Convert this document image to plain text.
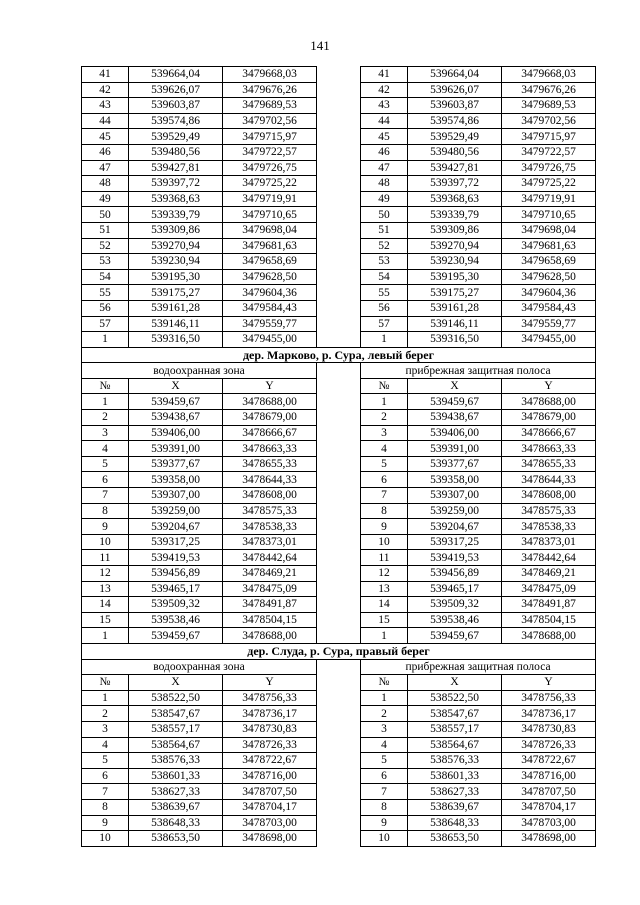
141
41	539664,04	3479668,03		41	539664,04	3479668,03
42	539626,07	3479676,26		42	539626,07	3479676,26
43	539603,87	3479689,53		43	539603,87	3479689,53
44	539574,86	3479702,56		44	539574,86	3479702,56
45	539529,49	3479715,97		45	539529,49	3479715,97
46	539480,56	3479722,57		46	539480,56	3479722,57
47	539427,81	3479726,75		47	539427,81	3479726,75
48	539397,72	3479725,22		48	539397,72	3479725,22
49	539368,63	3479719,91		49	539368,63	3479719,91
50	539339,79	3479710,65		50	539339,79	3479710,65
51	539309,86	3479698,04		51	539309,86	3479698,04
52	539270,94	3479681,63		52	539270,94	3479681,63
53	539230,94	3479658,69		53	539230,94	3479658,69
54	539195,30	3479628,50		54	539195,30	3479628,50
55	539175,27	3479604,36		55	539175,27	3479604,36
56	539161,28	3479584,43		56	539161,28	3479584,43
57	539146,11	3479559,77		57	539146,11	3479559,77
1	539316,50	3479455,00		1	539316,50	3479455,00
дер. Марково, р. Сура, левый берег						
водоохранная зона				прибрежная защитная полоса		
№	X	Y		№	X	Y
1	539459,67	3478688,00		1	539459,67	3478688,00
2	539438,67	3478679,00		2	539438,67	3478679,00
3	539406,00	3478666,67		3	539406,00	3478666,67
4	539391,00	3478663,33		4	539391,00	3478663,33
5	539377,67	3478655,33		5	539377,67	3478655,33
6	539358,00	3478644,33		6	539358,00	3478644,33
7	539307,00	3478608,00		7	539307,00	3478608,00
8	539259,00	3478575,33		8	539259,00	3478575,33
9	539204,67	3478538,33		9	539204,67	3478538,33
10	539317,25	3478373,01		10	539317,25	3478373,01
11	539419,53	3478442,64		11	539419,53	3478442,64
12	539456,89	3478469,21		12	539456,89	3478469,21
13	539465,17	3478475,09		13	539465,17	3478475,09
14	539509,32	3478491,87		14	539509,32	3478491,87
15	539538,46	3478504,15		15	539538,46	3478504,15
1	539459,67	3478688,00		1	539459,67	3478688,00
дер. Слуда, р. Сура, правый берег						
водоохранная зона				прибрежная защитная полоса		
№	X	Y		№	X	Y
1	538522,50	3478756,33		1	538522,50	3478756,33
2	538547,67	3478736,17		2	538547,67	3478736,17
3	538557,17	3478730,83		3	538557,17	3478730,83
4	538564,67	3478726,33		4	538564,67	3478726,33
5	538576,33	3478722,67		5	538576,33	3478722,67
6	538601,33	3478716,00		6	538601,33	3478716,00
7	538627,33	3478707,50		7	538627,33	3478707,50
8	538639,67	3478704,17		8	538639,67	3478704,17
9	538648,33	3478703,00		9	538648,33	3478703,00
10	538653,50	3478698,00		10	538653,50	3478698,00
